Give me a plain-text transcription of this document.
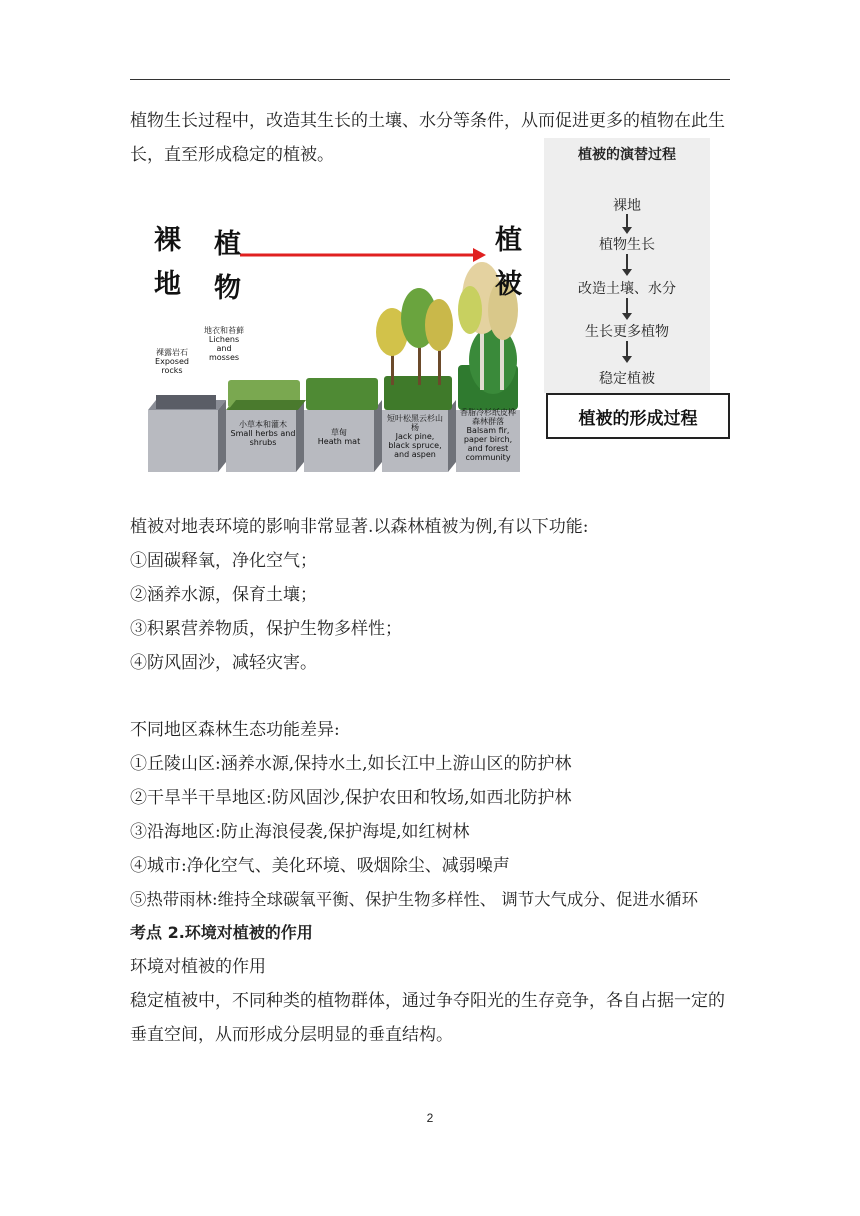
植物生长过程中，改造其生长的土壤、水分等条件，从而促进更多的植物在此生
长，直至形成稳定的植被。
裸
地
植
物
植
被
裸露岩石
Exposed rocks
地衣和苔藓
Lichens and mosses
小草本和灌木
Small herbs and shrubs
草甸
Heath mat
短叶松黑云杉山杨
Jack pine, black spruce, and aspen
香脂冷杉纸皮桦森林群落
Balsam fir, paper birch, and forest community
植被的演替过程
裸地
植物生长
改造土壤、水分
生长更多植物
稳定植被
植被的形成过程
植被对地表环境的影响非常显著.以森林植被为例,有以下功能:
①固碳释氧，净化空气；
②涵养水源，保育土壤；
③积累营养物质，保护生物多样性；
④防风固沙，减轻灾害。
不同地区森林生态功能差异:
①丘陵山区:涵养水源,保持水土,如长江中上游山区的防护林
②干旱半干旱地区:防风固沙,保护农田和牧场,如西北防护林
③沿海地区:防止海浪侵袭,保护海堤,如红树林
④城市:净化空气、美化环境、吸烟除尘、减弱噪声
⑤热带雨林:维持全球碳氧平衡、保护生物多样性、 调节大气成分、促进水循环
考点 2.环境对植被的作用
环境对植被的作用
稳定植被中，不同种类的植物群体，通过争夺阳光的生存竞争，各自占据一定的
垂直空间，从而形成分层明显的垂直结构。
2
